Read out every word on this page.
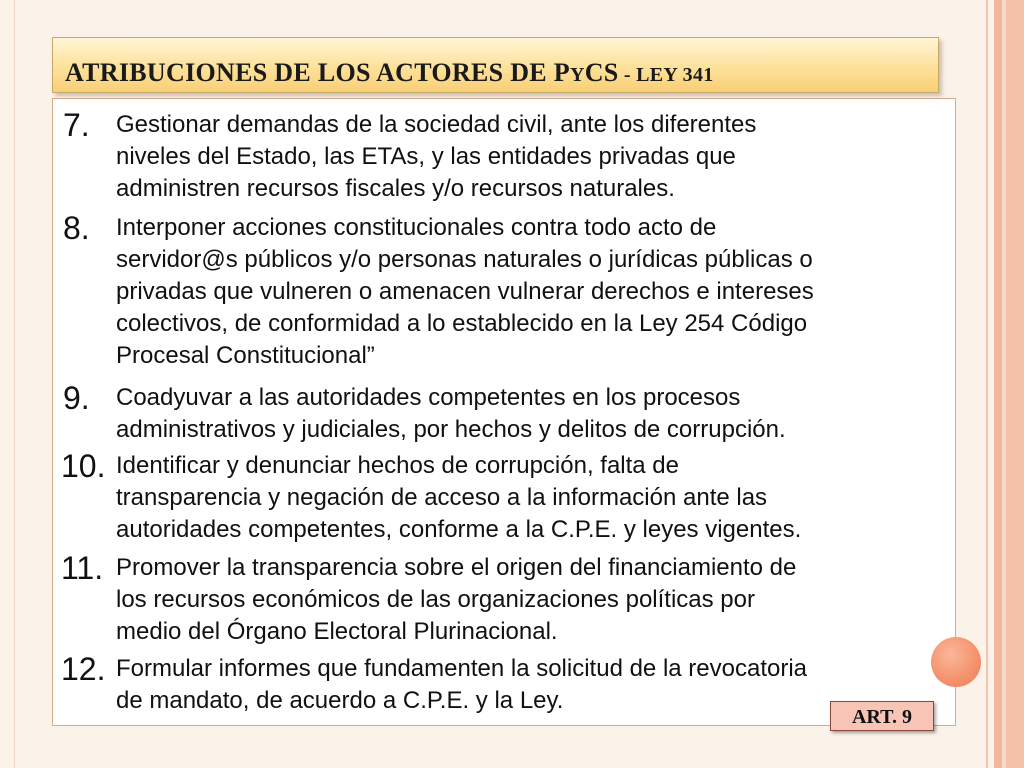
ATRIBUCIONES DE LOS ACTORES DE PYCS - LEY 341
7. Gestionar demandas de la sociedad civil, ante los diferentes
niveles del Estado, las ETAs, y las entidades privadas que
administren recursos fiscales y/o recursos naturales.
8. Interponer acciones constitucionales contra todo acto de
servidor@s públicos y/o personas naturales o jurídicas públicas o
privadas que vulneren o amenacen vulnerar derechos e intereses
colectivos, de conformidad a lo establecido en la Ley 254 Código
Procesal Constitucional”
9. Coadyuvar a las autoridades competentes en los procesos
administrativos y judiciales, por hechos y delitos de corrupción.
10. Identificar y denunciar hechos de corrupción, falta de
transparencia y negación de acceso a la información ante las
autoridades competentes, conforme a la C.P.E. y leyes vigentes.
11. Promover la transparencia sobre el origen del financiamiento de
los recursos económicos de las organizaciones políticas por
medio del Órgano Electoral Plurinacional.
12. Formular informes que fundamenten la solicitud de la revocatoria
de mandato, de acuerdo a C.P.E. y la Ley.
ART. 9
